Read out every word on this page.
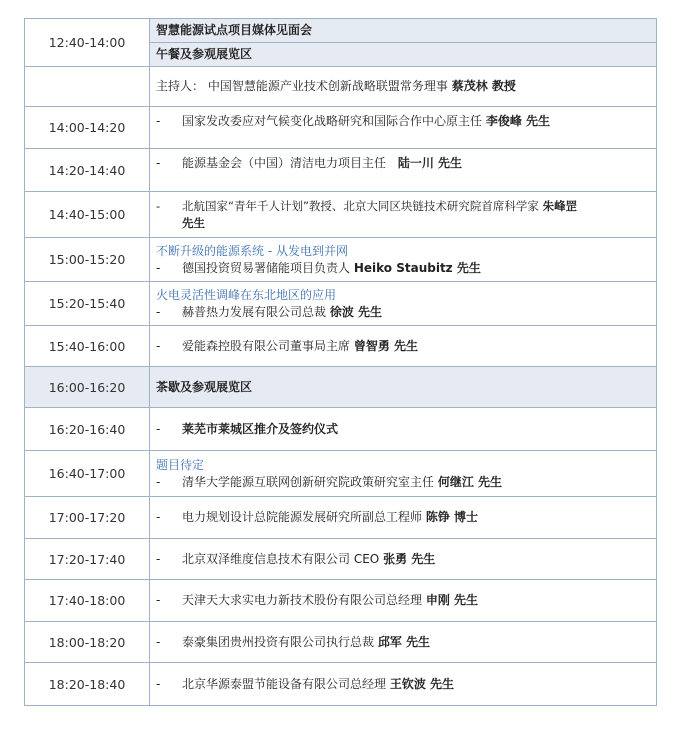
12:40-14:00	智慧能源试点项目媒体见面会
	午餐及参观展览区
	主持人： 中国智慧能源产业技术创新战略联盟常务理事 蔡茂林 教授
14:00-14:20	- 国家发改委应对气候变化战略研究和国际合作中心原主任 李俊峰 先生
14:20-14:40	- 能源基金会（中国）清洁电力项目主任 陆一川 先生
14:40-15:00	- 北航国家“青年千人计划”教授、北京大同区块链技术研究院首席科学家 朱峰罡
先生

15:00-15:20	不断升级的能源系统 - 从发电到并网
- 德国投资贸易署储能项目负责人 Heiko Staubitz 先生

15:20-15:40	火电灵活性调峰在东北地区的应用
- 赫普热力发展有限公司总裁 徐波 先生

15:40-16:00	- 爱能森控股有限公司董事局主席 曾智勇 先生
16:00-16:20	茶歇及参观展览区
16:20-16:40	- 莱芜市莱城区推介及签约仪式
16:40-17:00	题目待定
- 清华大学能源互联网创新研究院政策研究室主任 何继江 先生

17:00-17:20	- 电力规划设计总院能源发展研究所副总工程师 陈铮 博士
17:20-17:40	- 北京双泽维度信息技术有限公司 CEO 张勇 先生
17:40-18:00	- 天津天大求实电力新技术股份有限公司总经理 申刚 先生
18:00-18:20	- 泰豪集团贵州投资有限公司执行总裁 邱军 先生
18:20-18:40	- 北京华源泰盟节能设备有限公司总经理 王钦波 先生
